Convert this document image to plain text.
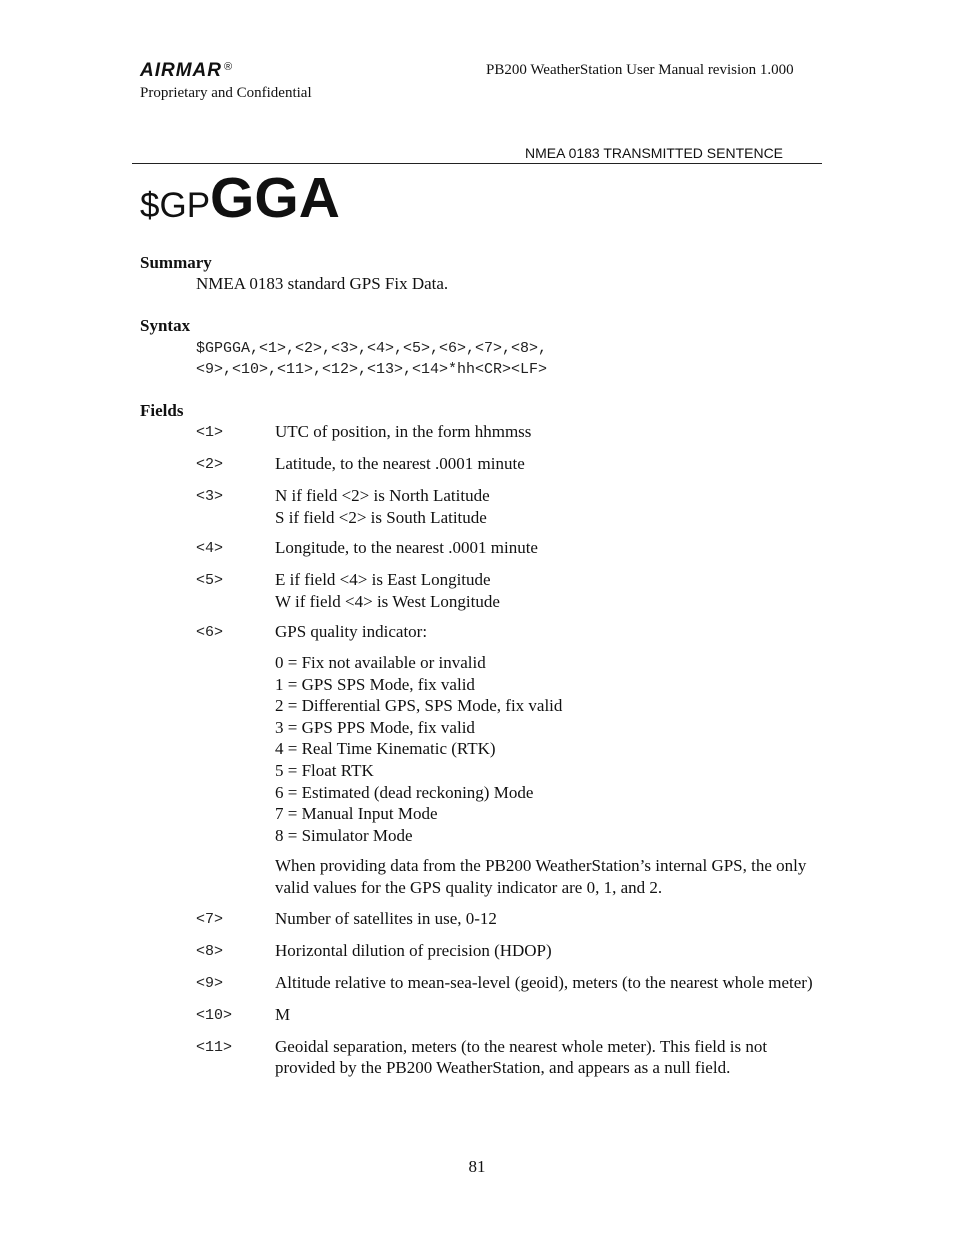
AIRMAR ®
Proprietary and Confidential
PB200 WeatherStation User Manual revision 1.000
NMEA 0183 TRANSMITTED SENTENCE
$GPGGA
Summary
NMEA 0183 standard GPS Fix Data.
Syntax
$GPGGA,<1>,<2>,<3>,<4>,<5>,<6>,<7>,<8>,
<9>,<10>,<11>,<12>,<13>,<14>*hh<CR><LF>
Fields
<1>	UTC of position, in the form hhmmss
<2>	Latitude, to the nearest .0001 minute
<3>	N if field <2> is North Latitude
S if field <2> is South Latitude
<4>	Longitude, to the nearest .0001 minute
<5>	E if field <4> is East Longitude
W if field <4> is West Longitude
<6>	GPS quality indicator:
0 = Fix not available or invalid
1 = GPS SPS Mode, fix valid
2 = Differential GPS, SPS Mode, fix valid
3 = GPS PPS Mode, fix valid
4 = Real Time Kinematic (RTK)
5 = Float RTK
6 = Estimated (dead reckoning) Mode
7 = Manual Input Mode
8 = Simulator Mode
When providing data from the PB200 WeatherStation’s internal GPS, the only valid values for the GPS quality indicator are 0, 1, and 2.
<7>	Number of satellites in use, 0-12
<8>	Horizontal dilution of precision (HDOP)
<9>	Altitude relative to mean-sea-level (geoid), meters (to the nearest whole meter)
<10>	M
<11>	Geoidal separation, meters (to the nearest whole meter). This field is not provided by the PB200 WeatherStation, and appears as a null field.
81
